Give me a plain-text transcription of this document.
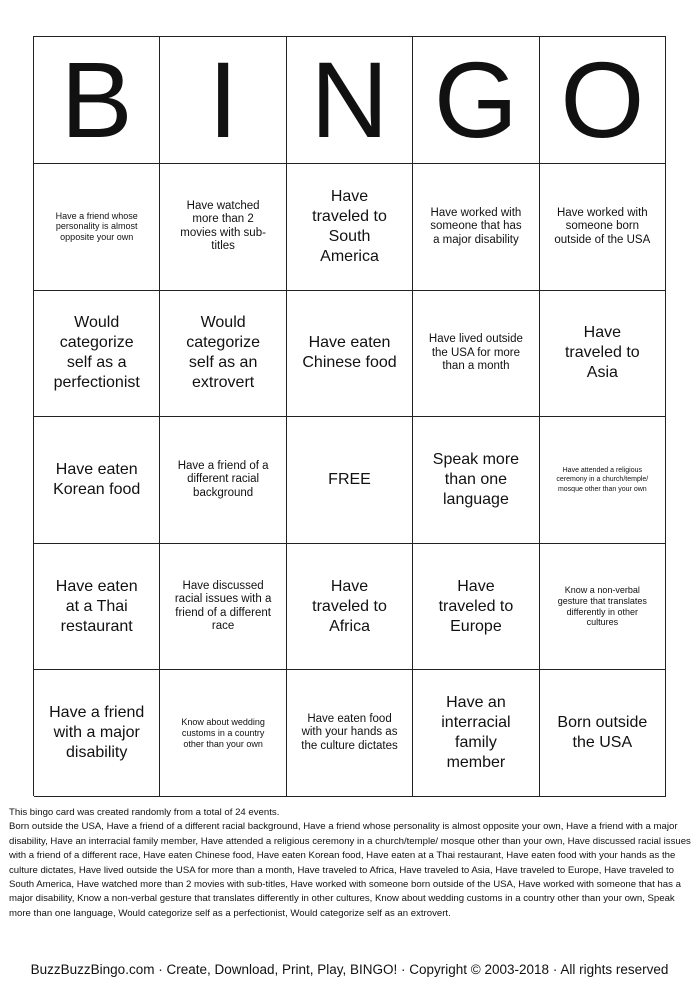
B I N G O
Have a friend whose personality is almost opposite your own
Have watched more than 2 movies with sub-titles
Have traveled to South America
Have worked with someone that has a major disability
Have worked with someone born outside of the USA
Would categorize self as a perfectionist
Would categorize self as an extrovert
Have eaten Chinese food
Have lived outside the USA for more than a month
Have traveled to Asia
Have eaten Korean food
Have a friend of a different racial background
FREE
Speak more than one language
Have attended a religious ceremony in a church/temple/ mosque other than your own
Have eaten at a Thai restaurant
Have discussed racial issues with a friend of a different race
Have traveled to Africa
Have traveled to Europe
Know a non-verbal gesture that translates differently in other cultures
Have a friend with a major disability
Know about wedding customs in a country other than your own
Have eaten food with your hands as the culture dictates
Have an interracial family member
Born outside the USA

This bingo card was created randomly from a total of 24 events.

Born outside the USA, Have a friend of a different racial background, Have a friend whose personality is almost opposite your own, Have a friend with a major disability, Have an interracial family member, Have attended a religious ceremony in a church/temple/ mosque other than your own, Have discussed racial issues with a friend of a different race, Have eaten Chinese food, Have eaten Korean food, Have eaten at a Thai restaurant, Have eaten food with your hands as the culture dictates, Have lived outside the USA for more than a month, Have traveled to Africa, Have traveled to Asia, Have traveled to Europe, Have traveled to South America, Have watched more than 2 movies with sub-titles, Have worked with someone born outside of the USA, Have worked with someone that has a major disability, Know a non-verbal gesture that translates differently in other cultures, Know about wedding customs in a country other than your own, Speak more than one language, Would categorize self as a perfectionist, Would categorize self as an extrovert.

BuzzBuzzBingo.com · Create, Download, Print, Play, BINGO! · Copyright © 2003-2018 · All rights reserved
